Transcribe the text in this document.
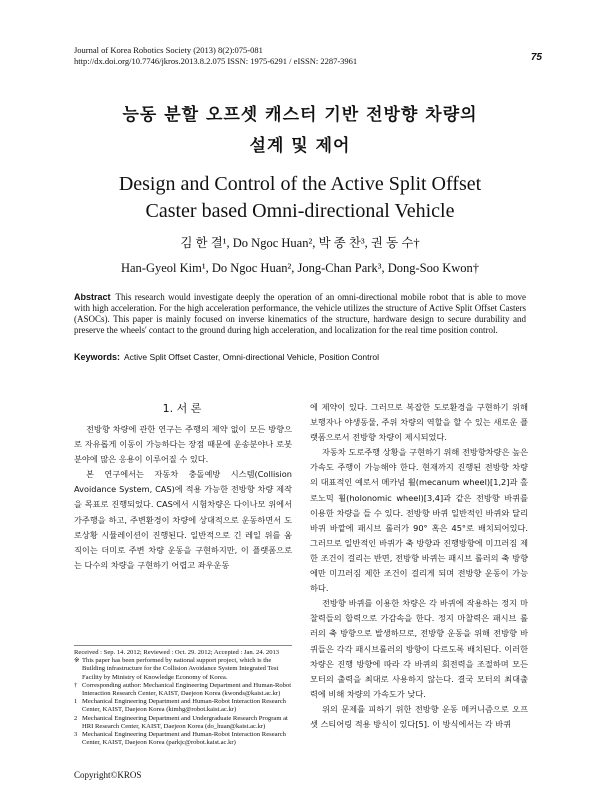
Journal of Korea Robotics Society (2013) 8(2):075-081
http://dx.doi.org/10.7746/jkros.2013.8.2.075 ISSN: 1975-6291 / eISSN: 2287-3961	75
능동 분할 오프셋 캐스터 기반 전방향 차량의
설계 및 제어
Design and Control of the Active Split Offset
Caster based Omni-directional Vehicle
김 한 결¹, Do Ngoc Huan², 박 종 찬³, 권 동 수†
Han-Gyeol Kim¹, Do Ngoc Huan², Jong-Chan Park³, Dong-Soo Kwon†
Abstract This research would investigate deeply the operation of an omni-directional mobile robot that is able to move with high acceleration. For the high acceleration performance, the vehicle utilizes the structure of Active Split Offset Casters (ASOCs). This paper is mainly focused on inverse kinematics of the structure, hardware design to secure durability and preserve the wheels' contact to the ground during high acceleration, and localization for the real time position control.
Keywords: Active Split Offset Caster, Omni-directional Vehicle, Position Control
1. 서 론

전방향 차량에 관한 연구는 주행의 제약 없이 모든 방향으로 자유롭게 이동이 가능하다는 장점 때문에 운송분야나 로봇분야에 많은 응용이 이루어질 수 있다.

본 연구에서는 자동차 충돌예방 시스템(Collision Avoidance System, CAS)에 적용 가능한 전방향 차량 제작을 목표로 진행되었다. CAS에서 시험차량은 다이나모 위에서 가주행을 하고, 주변환경이 차량에 상대적으로 운동하면서 도로상황 시뮬레이션이 진행된다. 일반적으로 긴 레일 위를 움직이는 더미로 주변 차량 운동을 구현하지만, 이 플랫폼으로는 다수의 차량을 구현하기 어렵고 좌우운동

에 제약이 있다. 그러므로 복잡한 도로환경을 구현하기 위해 보행자나 야생동물, 주위 차량의 역할을 할 수 있는 새로운 플랫폼으로서 전방향 차량이 제시되었다.

자동차 도로주행 상황을 구현하기 위해 전방향차량은 높은 가속도 주행이 가능해야 한다. 현재까지 진행된 전방향 차량의 대표적인 예로서 메카넘 휠(mecanum wheel)[1,2]과 홀로노믹 휠(holonomic wheel)[3,4]과 같은 전방향 바퀴를 이용한 차량을 들 수 있다. 전방향 바퀴 일반적인 바퀴와 달리 바퀴 바깥에 패시브 롤러가 90° 혹은 45°로 배치되어있다. 그러므로 일반적인 바퀴가 축 방향과 진행방향에 미끄러짐 제한 조건이 걸리는 반면, 전방향 바퀴는 패시브 롤러의 축 방향에만 미끄러짐 제한 조건이 걸리게 되며 전방향 운동이 가능하다.

전방향 바퀴를 이용한 차량은 각 바퀴에 작용하는 정지 마찰력들의 합력으로 가감속을 한다. 정지 마찰력은 패시브 롤러의 축 방향으로 발생하므로, 전방향 운동을 위해 전방향 바퀴들은 각각 패시브롤러의 방향이 다르도록 배치된다. 이러한 차량은 진행 방향에 따라 각 바퀴의 회전력을 조절하며 모든 모터의 출력을 최대로 사용하지 않는다. 결국 모터의 최대출력에 비해 차량의 가속도가 낮다.

위의 문제를 피하기 위한 전방향 운동 메커니즘으로 오프셋 스티어링 적용 방식이 있다[5]. 이 방식에서는 각 바퀴

Received : Sep. 14. 2012; Reviewed : Oct. 29. 2012; Accepted : Jan. 24. 2013
※ This paper has been performed by national support project, which is the Building infrastructure for the Collision Avoidance System Integrated Test Facility by Ministry of Knowledge Economy of Korea.
† Corresponding author: Mechanical Engineering Department and Human-Robot Interaction Research Center, KAIST, Daejeon Korea (kwonds@kaist.ac.kr)
1 Mechanical Engineering Department and Human-Robot Interaction Research Center, KAIST, Daejeon Korea (kimhg@robot.kaist.ac.kr)
2 Mechanical Engineering Department and Undergraduate Research Program at HRI Research Center, KAIST, Daejeon Korea (do_huan@kaist.ac.kr)
3 Mechanical Engineering Department and Human-Robot Interaction Research Center, KAIST, Daejeon Korea (parkjc@robot.kaist.ac.kr)
Copyright©KROS
